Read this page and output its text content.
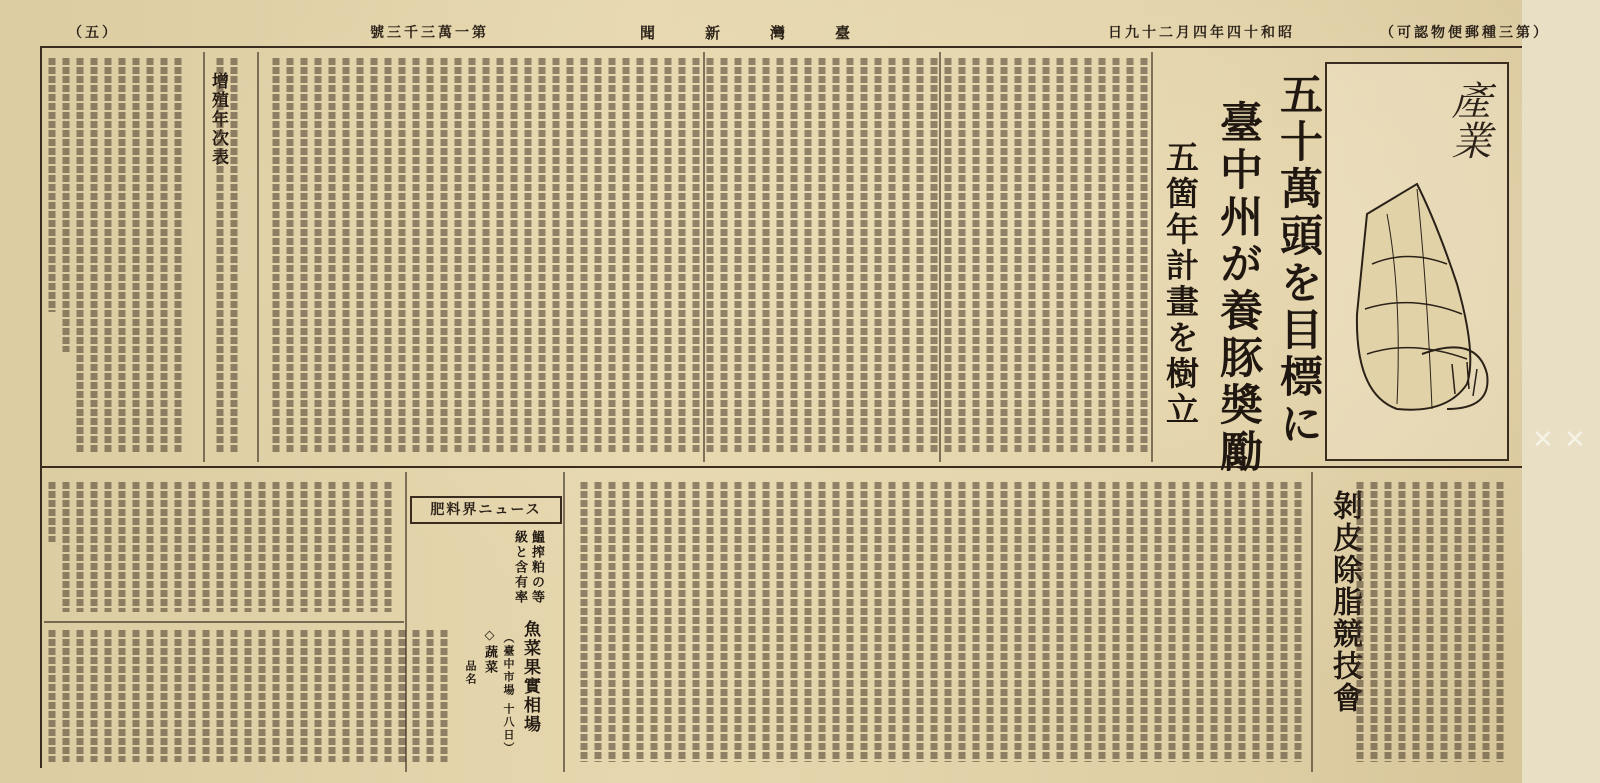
✕ ✕
（五）	號三千三萬一第	聞新灣臺	日九十二月四年四十和昭	（可認物便郵種三第）
產業
五十萬頭を目標に
臺中州が養豚奬勵
五箇年計畫を樹立
增殖年次表
剝皮除脂競技會
肥料界ニュース
鰮搾粕の等
級と含有率
魚菜果實相場
（臺中市場 十八日）
◇蔬菜
品名
